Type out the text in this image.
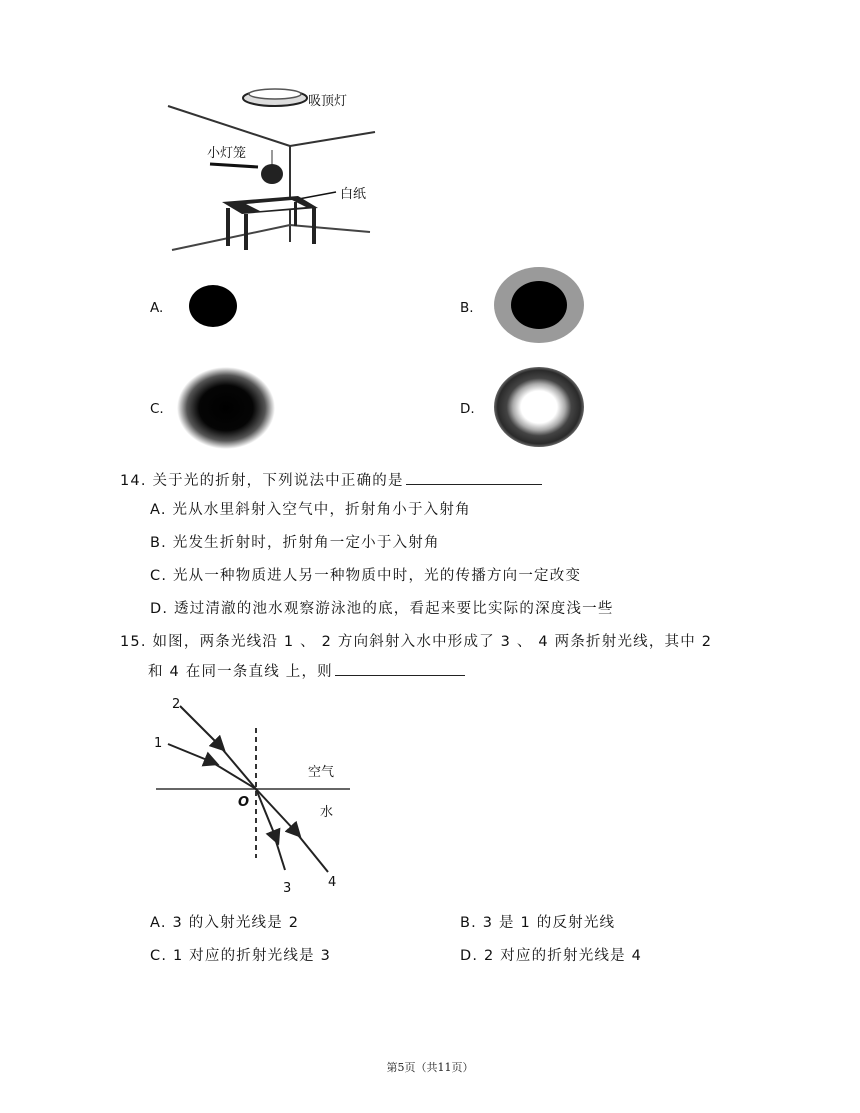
吸顶灯
小灯笼
白纸
A.	B.
C.	D.
14. 关于光的折射，下列说法中正确的是
A. 光从水里斜射入空气中，折射角小于入射角
B. 光发生折射时，折射角一定小于入射角
C. 光从一种物质进人另一种物质中时，光的传播方向一定改变
D. 透过清澈的池水观察游泳池的底，看起来要比实际的深度浅一些
15. 如图，两条光线沿 1 、 2 方向斜射入水中形成了 3 、 4 两条折射光线，其中 2
和 4 在同一条直线 上，则
2
1
3	4
O
空气
水
A. 3 的入射光线是 2	B. 3 是 1 的反射光线
C. 1 对应的折射光线是 3	D. 2 对应的折射光线是 4
第5页（共11页）
